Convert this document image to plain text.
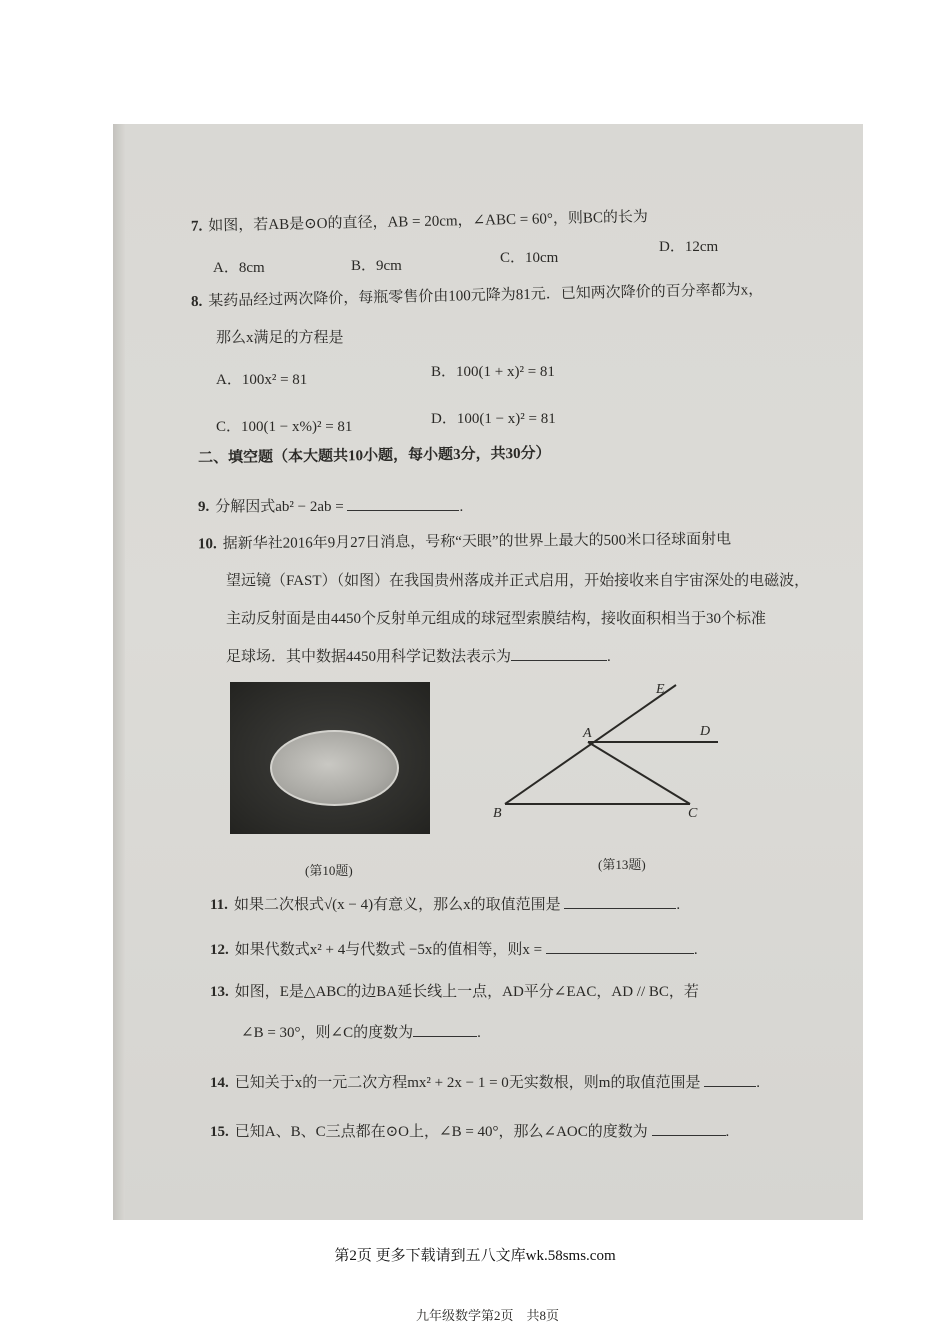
7. 如图，若AB是⊙O的直径，AB = 20cm，∠ABC = 60°，则BC的长为
A．8cm	B．9cm	C．10cm
D．12cm
8. 某药品经过两次降价，每瓶零售价由100元降为81元．已知两次降价的百分率都为x，
那么x满足的方程是
A．100x² = 81	B．100(1 + x)² = 81
C．100(1 − x%)² = 81	D．100(1 − x)² = 81
二、填空题（本大题共10小题，每小题3分，共30分）
9. 分解因式ab² − 2ab =	.
10. 据新华社2016年9月27日消息，号称“天眼”的世界上最大的500米口径球面射电
望远镜（FAST）（如图）在我国贵州落成并正式启用，开始接收来自宇宙深处的电磁波，
主动反射面是由4450个反射单元组成的球冠型索膜结构，接收面积相当于30个标准
足球场．其中数据4450用科学记数法表示为	.
(第10题)
E
A	D
B	C
(第13题)
11. 如果二次根式√(x − 4)有意义，那么x的取值范围是	.
12. 如果代数式x² + 4与代数式 −5x的值相等，则x =	.
13. 如图，E是△ABC的边BA延长线上一点，AD平分∠EAC，AD // BC，若
∠B = 30°，则∠C的度数为	.
14. 已知关于x的一元二次方程mx² + 2x − 1 = 0无实数根，则m的取值范围是	.
15. 已知A、B、C三点都在⊙O上，∠B = 40°，那么∠AOC的度数为	.
九年级数学第2页　共8页
第2页 更多下载请到五八文库wk.58sms.com
